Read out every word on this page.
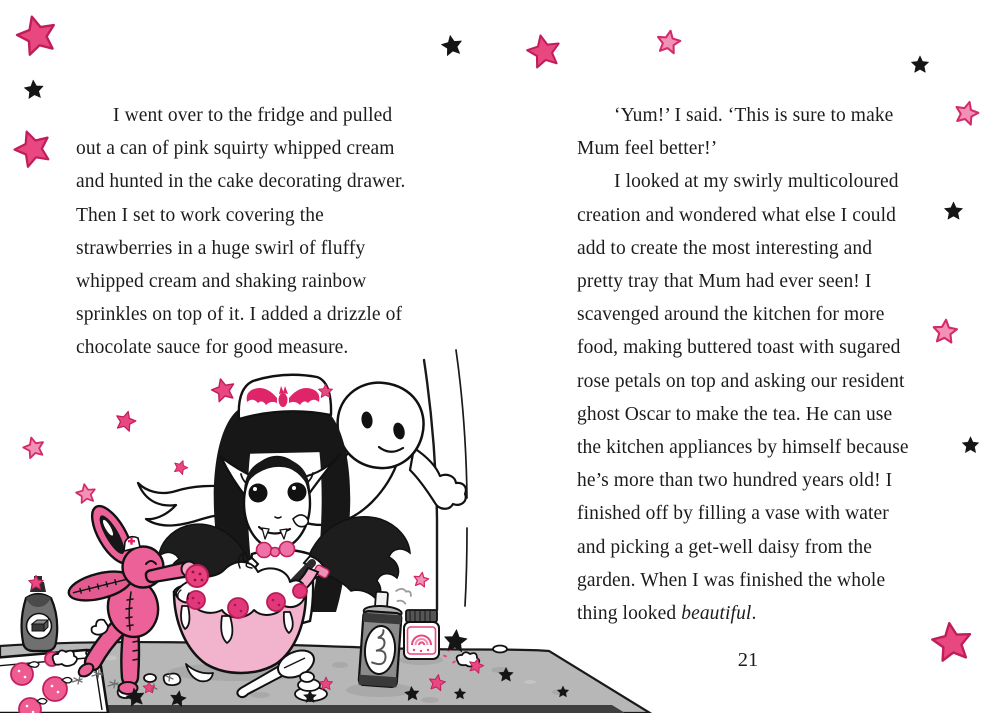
I went over to the fridge and pulled out a can of pink squirty whipped cream and hunted in the cake decorating drawer. Then I set to work covering the strawberries in a huge swirl of fluffy whipped cream and shaking rainbow sprinkles on top of it. I added a drizzle of chocolate sauce for good measure.

‘Yum!’ I said. ‘This is sure to make Mum feel better!’

I looked at my swirly multicoloured creation and wondered what else I could add to create the most interesting and pretty tray that Mum had ever seen! I scavenged around the kitchen for more food, making buttered toast with sugared rose petals on top and asking our resident ghost Oscar to make the tea. He can use the kitchen appliances by himself because he’s more than two hundred years old! I finished off by filling a vase with water and picking a get-well daisy from the garden. When I was finished the whole thing looked beautiful.

21
